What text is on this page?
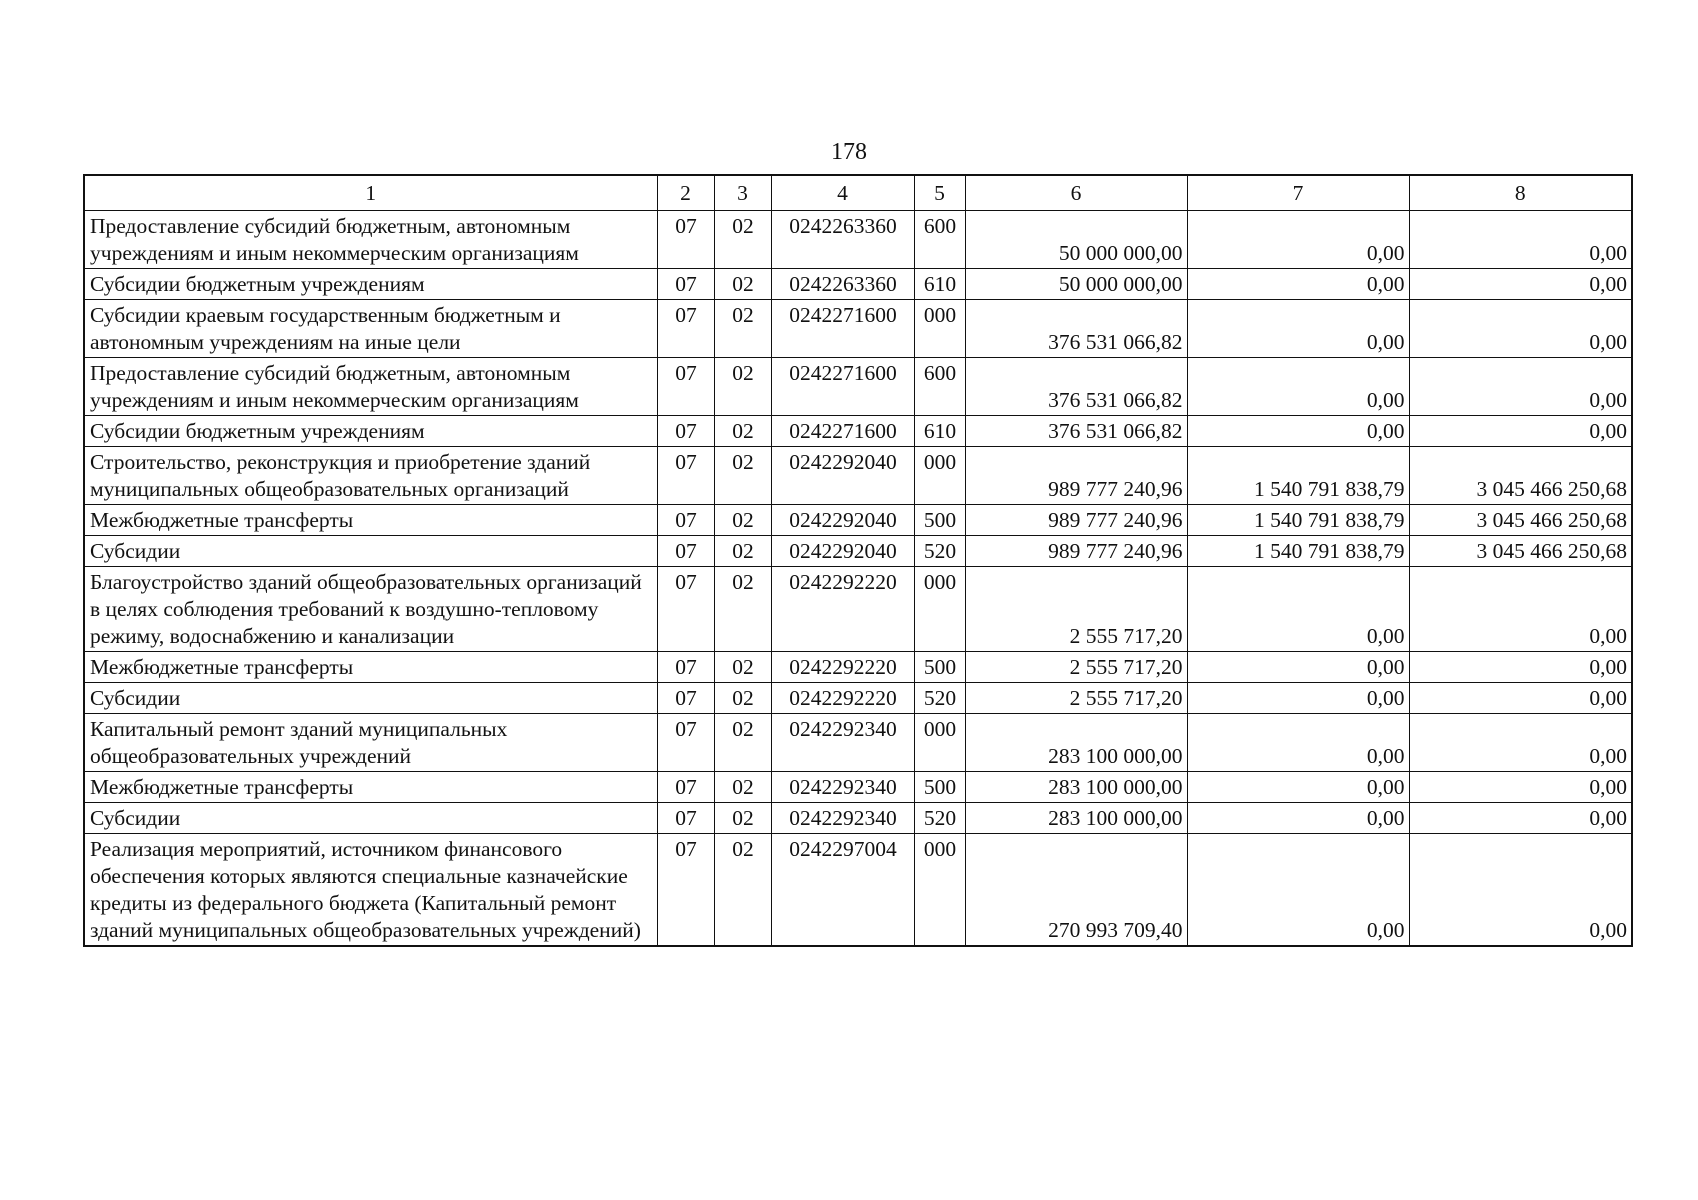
178
1	2	3	4	5	6	7	8
Предоставление субсидий бюджетным, автономным учреждениям и иным некоммерческим организациям	07	02	0242263360	600	50 000 000,00	0,00	0,00
Субсидии бюджетным учреждениям	07	02	0242263360	610	50 000 000,00	0,00	0,00
Субсидии краевым государственным бюджетным и автономным учреждениям на иные цели	07	02	0242271600	000	376 531 066,82	0,00	0,00
Предоставление субсидий бюджетным, автономным учреждениям и иным некоммерческим организациям	07	02	0242271600	600	376 531 066,82	0,00	0,00
Субсидии бюджетным учреждениям	07	02	0242271600	610	376 531 066,82	0,00	0,00
Строительство, реконструкция и приобретение зданий муниципальных общеобразовательных организаций	07	02	0242292040	000	989 777 240,96	1 540 791 838,79	3 045 466 250,68
Межбюджетные трансферты	07	02	0242292040	500	989 777 240,96	1 540 791 838,79	3 045 466 250,68
Субсидии	07	02	0242292040	520	989 777 240,96	1 540 791 838,79	3 045 466 250,68
Благоустройство зданий общеобразовательных организаций в целях соблюдения требований к воздушно-тепловому режиму, водоснабжению и канализации	07	02	0242292220	000	2 555 717,20	0,00	0,00
Межбюджетные трансферты	07	02	0242292220	500	2 555 717,20	0,00	0,00
Субсидии	07	02	0242292220	520	2 555 717,20	0,00	0,00
Капитальный ремонт зданий муниципальных общеобразовательных учреждений	07	02	0242292340	000	283 100 000,00	0,00	0,00
Межбюджетные трансферты	07	02	0242292340	500	283 100 000,00	0,00	0,00
Субсидии	07	02	0242292340	520	283 100 000,00	0,00	0,00
Реализация мероприятий, источником финансового обеспечения которых являются специальные казначейские кредиты из федерального бюджета (Капитальный ремонт зданий муниципальных общеобразовательных учреждений)	07	02	0242297004	000	270 993 709,40	0,00	0,00
